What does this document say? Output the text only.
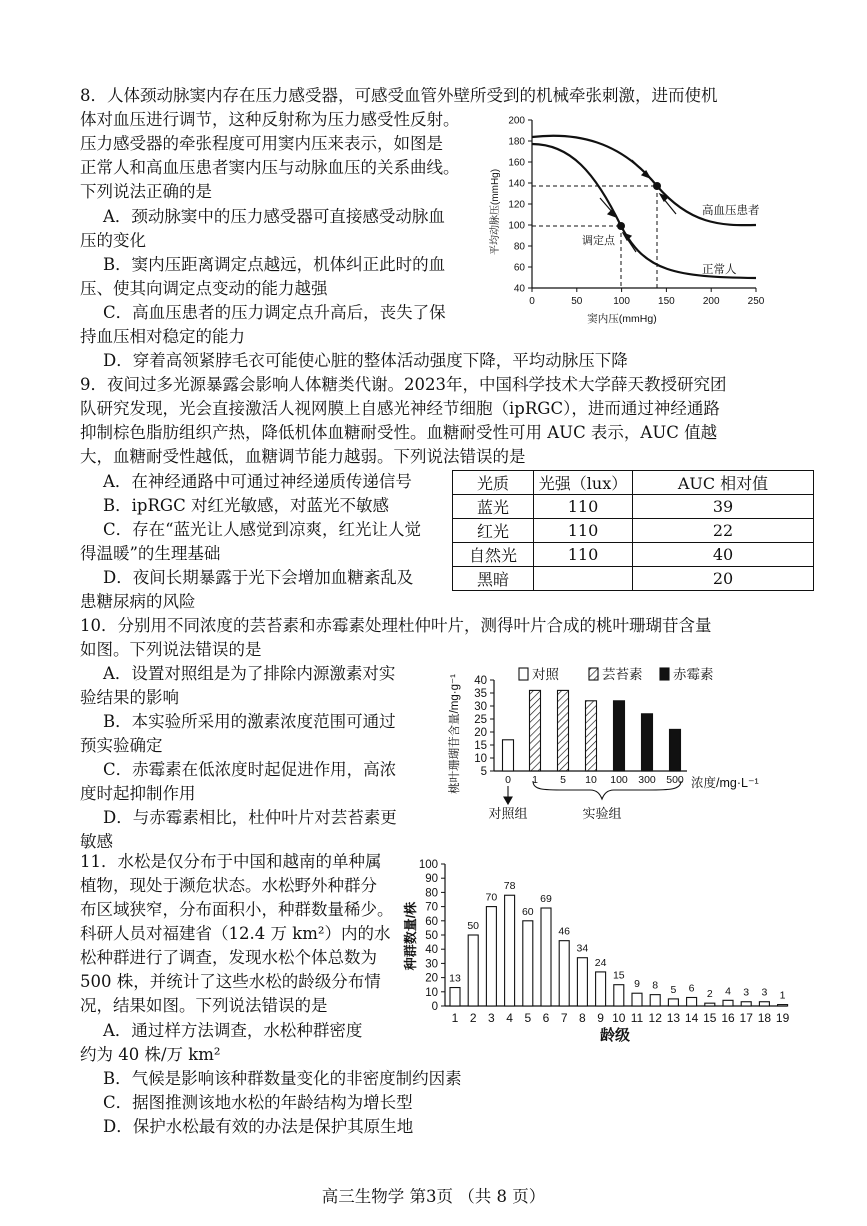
8．人体颈动脉窦内存在压力感受器，可感受血管外壁所受到的机械牵张刺激，进而使机
体对血压进行调节，这种反射称为压力感受性反射。
压力感受器的牵张程度可用窦内压来表示，如图是
正常人和高血压患者窦内压与动脉血压的关系曲线。
下列说法正确的是
A．颈动脉窦中的压力感受器可直接感受动脉血
压的变化
B．窦内压距离调定点越远，机体纠正此时的血
压、使其向调定点变动的能力越强
C．高血压患者的压力调定点升高后，丧失了保
持血压相对稳定的能力
D．穿着高领紧脖毛衣可能使心脏的整体活动强度下降，平均动脉压下降
200
180
160
140
120
100
80
60
40
0	50	100	150	200	250
平均动脉压(mmHg)
窦内压(mmHg)
高血压患者
正常人
调定点
9．夜间过多光源暴露会影响人体糖类代谢。2023年，中国科学技术大学薛天教授研究团
队研究发现，光会直接激活人视网膜上自感光神经节细胞（ipRGC），进而通过神经通路
抑制棕色脂肪组织产热，降低机体血糖耐受性。血糖耐受性可用 AUC 表示，AUC 值越
大，血糖耐受性越低，血糖调节能力越弱。下列说法错误的是
A．在神经通路中可通过神经递质传递信号
B．ipRGC 对红光敏感，对蓝光不敏感
C．存在“蓝光让人感觉到凉爽，红光让人觉
得温暖”的生理基础
D．夜间长期暴露于光下会增加血糖紊乱及
患糖尿病的风险
光质	光强（lux）	AUC 相对值
蓝光	110	39
红光	110	22
自然光	110	40
黑暗		20
10．分别用不同浓度的芸苔素和赤霉素处理杜仲叶片，测得叶片合成的桃叶珊瑚苷含量
如图。下列说法错误的是
A．设置对照组是为了排除内源激素对实
验结果的影响
B．本实验所采用的激素浓度范围可通过
预实验确定
C．赤霉素在低浓度时起促进作用，高浓
度时起抑制作用
D．与赤霉素相比，杜仲叶片对芸苔素更
敏感
对照	芸苔素 赤霉素
5
10
15
20
25
30
35
40
0 1 5 10 100 300 500
桃叶珊瑚苷含量/mg·g⁻¹	浓度/mg·L⁻¹
对照组	实验组
11．水松是仅分布于中国和越南的单种属
植物，现处于濒危状态。水松野外种群分
布区域狭窄，分布面积小，种群数量稀少。
科研人员对福建省（12.4 万 km²）内的水
松种群进行了调查，发现水松个体总数为
500 株，并统计了这些水松的龄级分布情
况，结果如图。下列说法错误的是
A．通过样方法调查，水松种群密度
约为 40 株/万 km²
B．气候是影响该种群数量变化的非密度制约因素
C．据图推测该地水松的年龄结构为增长型
D．保护水松最有效的办法是保护其原生地
0
10
20
30
40
50
60
70
80
90
100
13
50
70
78
60
69
46
34
24
15
9 8 5 6 2 4 3 3 1
1 2 3 4 5 6 7 8 9 10 11 12 13 14 15 16 17 18 19
种群数量/株
龄级
高三生物学 第3页 （共 8 页）
